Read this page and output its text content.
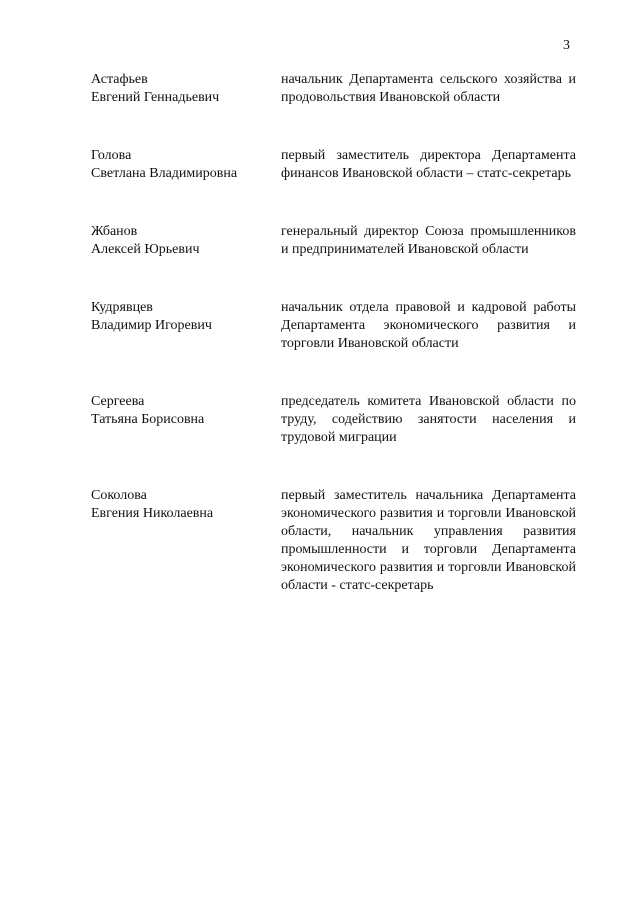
3
Астафьев
Евгений Геннадьевич
начальник Департамента сельского хозяйства и продовольствия Ивановской области
Голова
Светлана Владимировна
первый заместитель директора Департамента финансов Ивановской области – статс-секретарь
Жбанов
Алексей Юрьевич
генеральный директор Союза промышленников и предпринимателей Ивановской области
Кудрявцев
Владимир Игоревич
начальник отдела правовой и кадровой работы Департамента экономического развития и торговли Ивановской области
Сергеева
Татьяна Борисовна
председатель комитета Ивановской области по труду, содействию занятости населения и трудовой миграции
Соколова
Евгения Николаевна
первый заместитель начальника Департамента экономического развития и торговли Ивановской области, начальник управления развития промышленности и торговли Департамента экономического развития и торговли Ивановской области - статс-секретарь
